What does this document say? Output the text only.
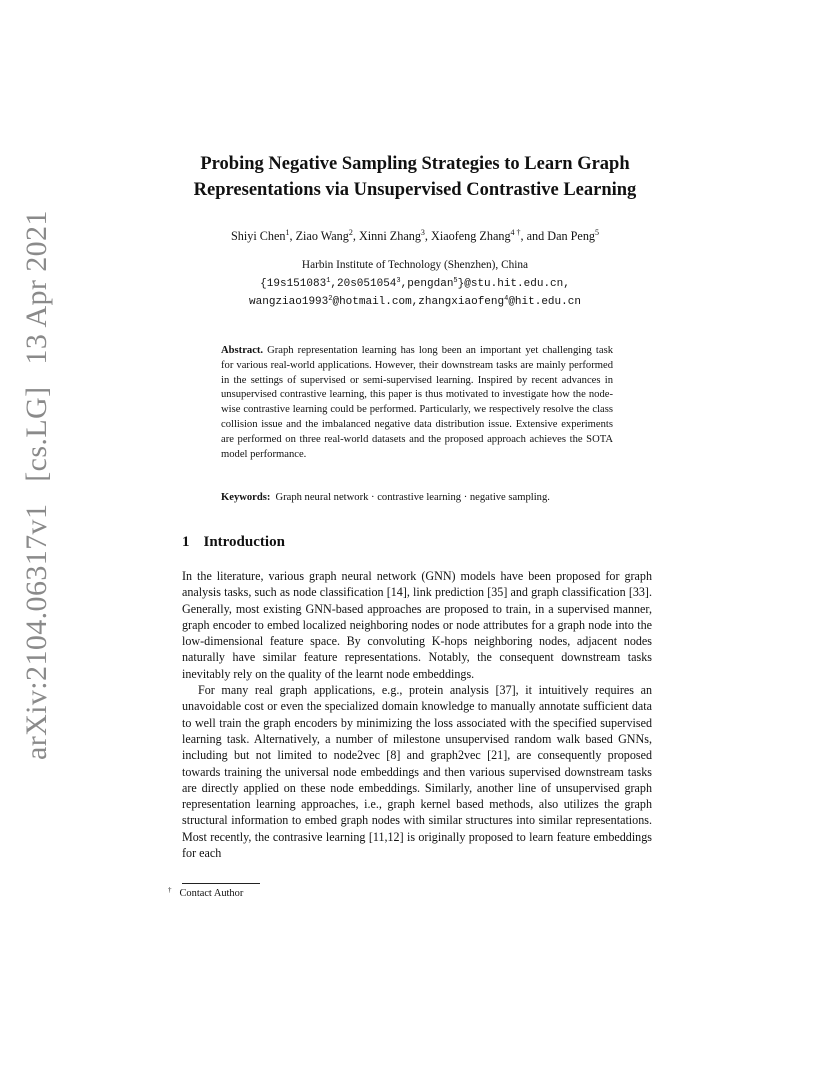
arXiv:2104.06317v1 [cs.LG] 13 Apr 2021
Probing Negative Sampling Strategies to Learn Graph
Representations via Unsupervised Contrastive Learning
Shiyi Chen$^1$, Ziao Wang$^2$, Xinni Zhang$^3$, Xiaofeng Zhang$^{4 \dagger}$, and Dan Peng$^5$
Harbin Institute of Technology (Shenzhen), China
{19s151083$^1$,20s051054$^3$,pengdan$^5$}@stu.hit.edu.cn,
wangziao1993$^2$@hotmail.com,zhangxiaofeng$^4$@hit.edu.cn
Abstract. Graph representation learning has long been an important yet challenging task for various real-world applications. However, their downstream tasks are mainly performed in the settings of supervised or semi-supervised learning. Inspired by recent advances in unsupervised contrastive learning, this paper is thus motivated to investigate how the node-wise contrastive learning could be performed. Particularly, we respectively resolve the class collision issue and the imbalanced negative data distribution issue. Extensive experiments are performed on three real-world datasets and the proposed approach achieves the SOTA model performance.
Keywords: Graph neural network · contrastive learning · negative sampling.
1 Introduction

In the literature, various graph neural network (GNN) models have been proposed for graph analysis tasks, such as node classification [14], link prediction [35] and graph classification [33]. Generally, most existing GNN-based approaches are proposed to train, in a supervised manner, graph encoder to embed localized neighboring nodes or node attributes for a graph node into the low-dimensional feature space. By convoluting K-hops neighboring nodes, adjacent nodes naturally have similar feature representations. Notably, the consequent downstream tasks inevitably rely on the quality of the learnt node embeddings.

For many real graph applications, e.g., protein analysis [37], it intuitively requires an unavoidable cost or even the specialized domain knowledge to manually annotate sufficient data to well train the graph encoders by minimizing the loss associated with the specified supervised learning task. Alternatively, a number of milestone unsupervised random walk based GNNs, including but not limited to node2vec [8] and graph2vec [21], are consequently proposed towards training the universal node embeddings and then various supervised downstream tasks are directly applied on these node embeddings. Similarly, another line of unsupervised graph representation learning approaches, i.e., graph kernel based methods, also utilizes the graph structural information to embed graph nodes with similar structures into similar representations. Most recently, the contrasive learning [11,12] is originally proposed to learn feature embeddings for each

† Contact Author
